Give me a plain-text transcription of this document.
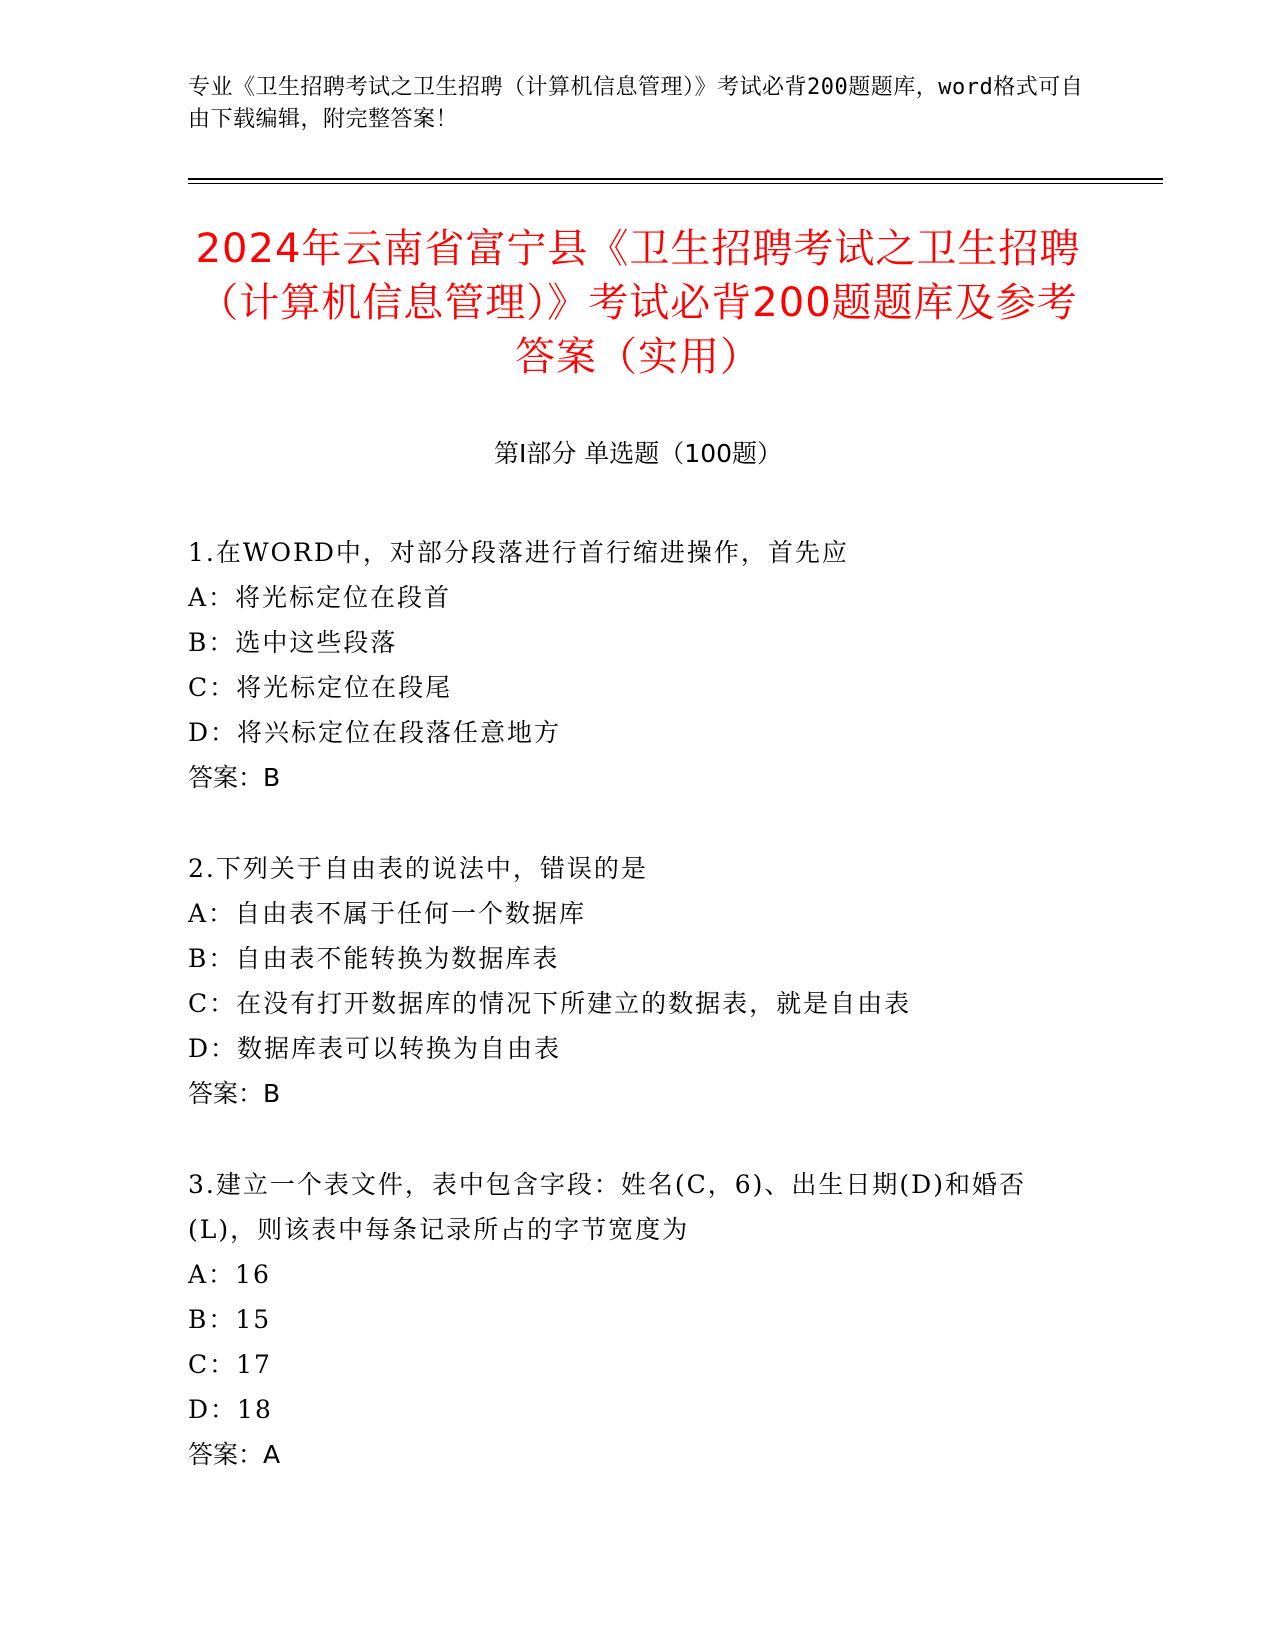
专业《卫生招聘考试之卫生招聘（计算机信息管理）》考试必背200题题库，word格式可自由下载编辑，附完整答案！
2024年云南省富宁县《卫生招聘考试之卫生招聘（计算机信息管理）》考试必背200题题库及参考答案（实用）
第I部分 单选题（100题）
1.在WORD中，对部分段落进行首行缩进操作，首先应
A：将光标定位在段首
B：选中这些段落
C：将光标定位在段尾
D：将兴标定位在段落任意地方
答案：B
2.下列关于自由表的说法中，错误的是
A：自由表不属于任何一个数据库
B：自由表不能转换为数据库表
C：在没有打开数据库的情况下所建立的数据表，就是自由表
D：数据库表可以转换为自由表
答案：B
3.建立一个表文件，表中包含字段：姓名(C，6)、出生日期(D)和婚否(L)，则该表中每条记录所占的字节宽度为
A：16
B：15
C：17
D：18
答案：A
